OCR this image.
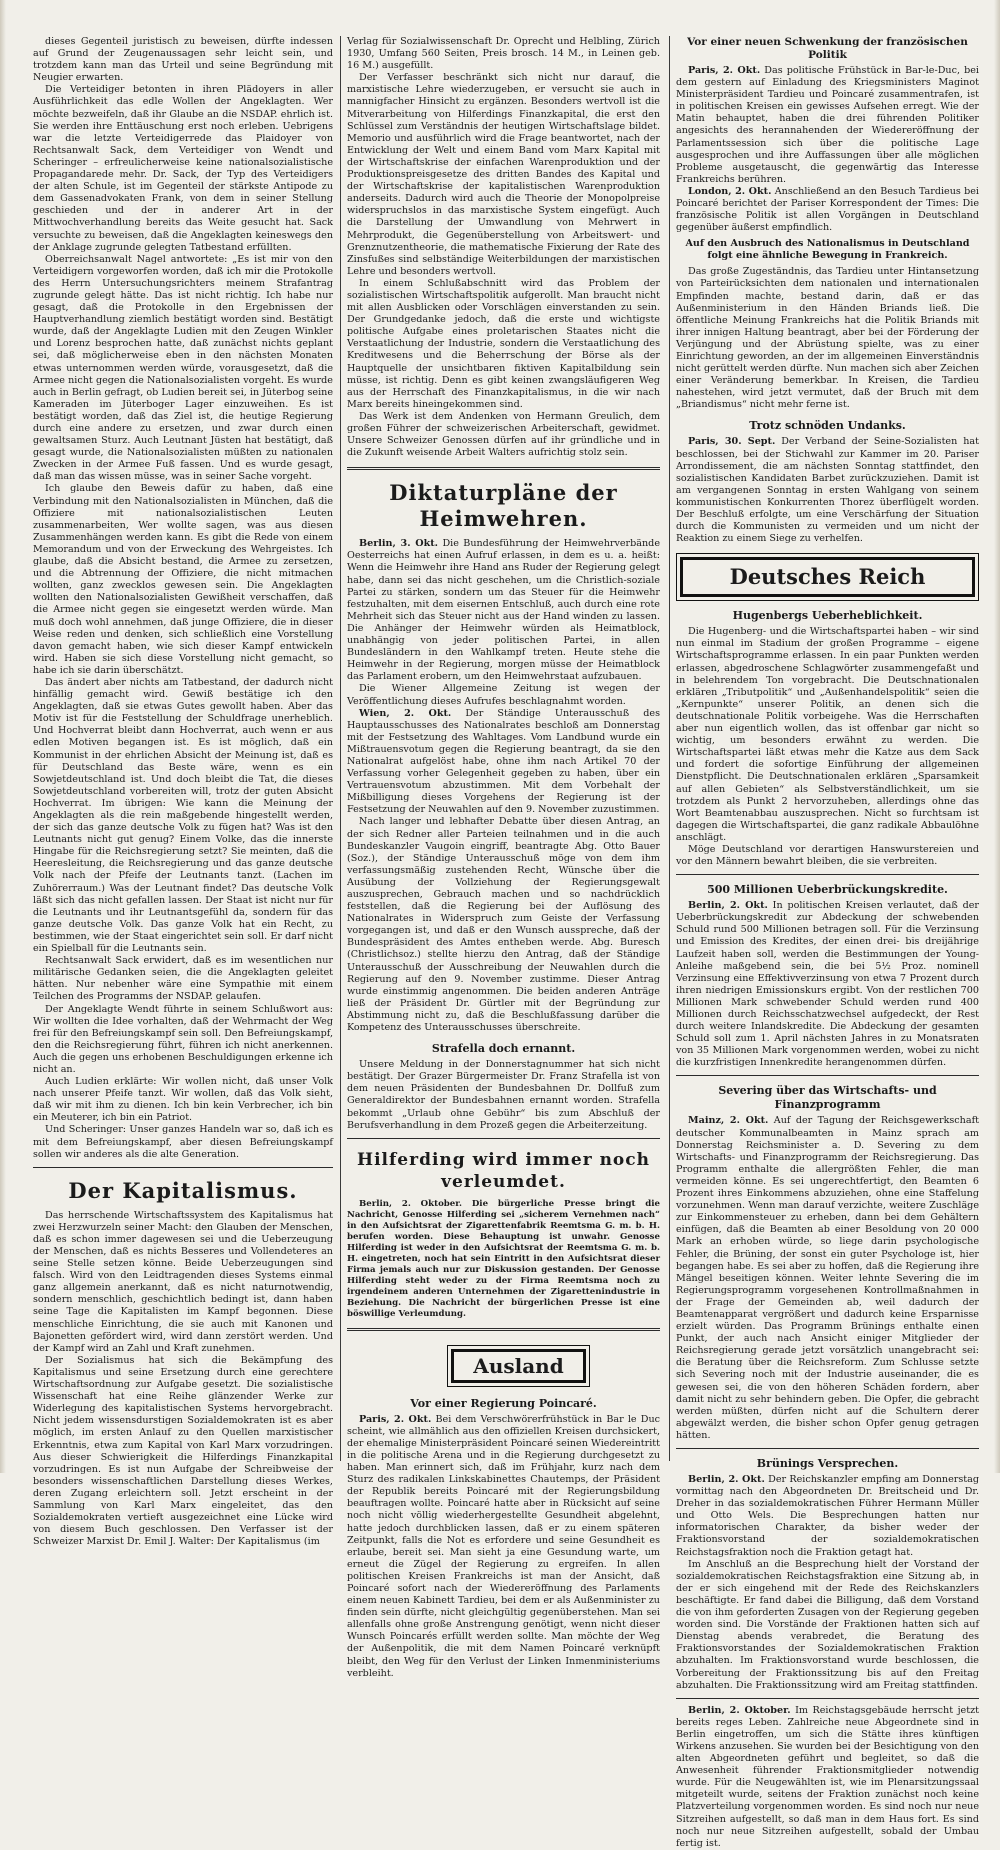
dieses Gegenteil juristisch zu beweisen, dürfte indessen auf Grund der Zeugenaussagen sehr leicht sein, und trotzdem kann man das Urteil und seine Begründung mit Neugier erwarten.

Die Verteidiger betonten in ihren Plädoyers in aller Ausführlichkeit das edle Wollen der Angeklagten. Wer möchte bezweifeln, daß ihr Glaube an die NSDAP. ehrlich ist. Sie werden ihre Enttäuschung erst noch erleben. Uebrigens war die letzte Verteidigerrede das Plaidoyer von Rechtsanwalt Sack, dem Verteidiger von Wendt und Scheringer – erfreulicherweise keine nationalsozialistische Propagandarede mehr. Dr. Sack, der Typ des Verteidigers der alten Schule, ist im Gegenteil der stärkste Antipode zu dem Gassenadvokaten Frank, von dem in seiner Stellung geschieden und der in anderer Art in der Mittwochverhandlung bereits das Weite gesucht hat. Sack versuchte zu beweisen, daß die Angeklagten keineswegs den der Anklage zugrunde gelegten Tatbestand erfüllten.

Oberreichsanwalt Nagel antwortete: „Es ist mir von den Verteidigern vorgeworfen worden, daß ich mir die Protokolle des Herrn Untersuchungsrichters meinem Strafantrag zugrunde gelegt hätte. Das ist nicht richtig. Ich habe nur gesagt, daß die Protokolle in den Ergebnissen der Hauptverhandlung ziemlich bestätigt worden sind. Bestätigt wurde, daß der Angeklagte Ludien mit den Zeugen Winkler und Lorenz besprochen hatte, daß zunächst nichts geplant sei, daß möglicherweise eben in den nächsten Monaten etwas unternommen werden würde, vorausgesetzt, daß die Armee nicht gegen die Nationalsozialisten vorgeht. Es wurde auch in Berlin gefragt, ob Ludien bereit sei, in Jüterbog seine Kameraden im Jüterboger Lager einzuweihen. Es ist bestätigt worden, daß das Ziel ist, die heutige Regierung durch eine andere zu ersetzen, und zwar durch einen gewaltsamen Sturz. Auch Leutnant Jüsten hat bestätigt, daß gesagt wurde, die Nationalsozialisten müßten zu nationalen Zwecken in der Armee Fuß fassen. Und es wurde gesagt, daß man das wissen müsse, was in seiner Sache vorgeht.

Ich glaube den Beweis dafür zu haben, daß eine Verbindung mit den Nationalsozialisten in München, daß die Offiziere mit nationalsozialistischen Leuten zusammenarbeiten, Wer wollte sagen, was aus diesen Zusammenhängen werden kann. Es gibt die Rede von einem Memorandum und von der Erweckung des Wehrgeistes. Ich glaube, daß die Absicht bestand, die Armee zu zersetzen, und die Abtrennung der Offiziere, die nicht mitmachen wollten, ganz zwecklos gewesen sein. Die Angeklagten wollten den Nationalsozialisten Gewißheit verschaffen, daß die Armee nicht gegen sie eingesetzt werden würde. Man muß doch wohl annehmen, daß junge Offiziere, die in dieser Weise reden und denken, sich schließlich eine Vorstellung davon gemacht haben, wie sich dieser Kampf entwickeln wird. Haben sie sich diese Vorstellung nicht gemacht, so habe ich sie darin überschätzt.

Das ändert aber nichts am Tatbestand, der dadurch nicht hinfällig gemacht wird. Gewiß bestätige ich den Angeklagten, daß sie etwas Gutes gewollt haben. Aber das Motiv ist für die Feststellung der Schuldfrage unerheblich. Und Hochverrat bleibt dann Hochverrat, auch wenn er aus edlen Motiven begangen ist. Es ist möglich, daß ein Kommunist in der ehrlichen Absicht der Meinung ist, daß es für Deutschland das Beste wäre, wenn es ein Sowjetdeutschland ist. Und doch bleibt die Tat, die dieses Sowjetdeutschland vorbereiten will, trotz der guten Absicht Hochverrat. Im übrigen: Wie kann die Meinung der Angeklagten als die rein maßgebende hingestellt werden, der sich das ganze deutsche Volk zu fügen hat? Was ist den Leutnants nicht gut genug? Einem Volke, das die innerste Hingabe für die Reichsregierung setzt? Sie meinten, daß die Heeresleitung, die Reichsregierung und das ganze deutsche Volk nach der Pfeife der Leutnants tanzt. (Lachen im Zuhörerraum.) Was der Leutnant findet? Das deutsche Volk läßt sich das nicht gefallen lassen. Der Staat ist nicht nur für die Leutnants und ihr Leutnantsgefühl da, sondern für das ganze deutsche Volk. Das ganze Volk hat ein Recht, zu bestimmen, wie der Staat eingerichtet sein soll. Er darf nicht ein Spielball für die Leutnants sein.

Rechtsanwalt Sack erwidert, daß es im wesentlichen nur militärische Gedanken seien, die die Angeklagten geleitet hätten. Nur nebenher wäre eine Sympathie mit einem Teilchen des Programms der NSDAP. gelaufen.

Der Angeklagte Wendt führte in seinem Schlußwort aus: Wir wollten die Idee vorhalten, daß der Wehrmacht der Weg frei für den Befreiungskampf sein soll. Den Befreiungskampf, den die Reichsregierung führt, führen ich nicht anerkennen. Auch die gegen uns erhobenen Beschuldigungen erkenne ich nicht an.

Auch Ludien erklärte: Wir wollen nicht, daß unser Volk nach unserer Pfeife tanzt. Wir wollen, daß das Volk sieht, daß wir mit ihm zu dienen. Ich bin kein Verbrecher, ich bin ein Meuterer, ich bin ein Patriot.

Und Scheringer: Unser ganzes Handeln war so, daß ich es mit dem Befreiungskampf, aber diesen Befreiungskampf sollen wir anderes als die alte Generation.

Der Kapitalismus.

Das herrschende Wirtschaftssystem des Kapitalismus hat zwei Herzwurzeln seiner Macht: den Glauben der Menschen, daß es schon immer dagewesen sei und die Ueberzeugung der Menschen, daß es nichts Besseres und Vollendeteres an seine Stelle setzen könne. Beide Ueberzeugungen sind falsch. Wird von den Leidtragenden dieses Systems einmal ganz allgemein anerkannt, daß es nicht naturnotwendig, sondern menschlich, geschichtlich bedingt ist, dann haben seine Tage die Kapitalisten im Kampf begonnen. Diese menschliche Einrichtung, die sie auch mit Kanonen und Bajonetten gefördert wird, wird dann zerstört werden. Und der Kampf wird an Zahl und Kraft zunehmen.

Der Sozialismus hat sich die Bekämpfung des Kapitalismus und seine Ersetzung durch eine gerechtere Wirtschaftsordnung zur Aufgabe gesetzt. Die sozialistische Wissenschaft hat eine Reihe glänzender Werke zur Widerlegung des kapitalistischen Systems hervorgebracht. Nicht jedem wissensdurstigen Sozialdemokraten ist es aber möglich, im ersten Anlauf zu den Quellen marxistischer Erkenntnis, etwa zum Kapital von Karl Marx vorzudringen. Aus dieser Schwierigkeit die Hilferdings Finanzkapital vorzudringen. Es ist nun Aufgabe der Schreibweise der besonders wissenschaftlichen Darstellung dieses Werkes, deren Zugang erleichtern soll. Jetzt erscheint in der Sammlung von Karl Marx eingeleitet, das den Sozialdemokraten vertieft ausgezeichnet eine Lücke wird von diesem Buch geschlossen. Den Verfasser ist der Schweizer Marxist Dr. Emil J. Walter: Der Kapitalismus (im

Verlag für Sozialwissenschaft Dr. Oprecht und Helbling, Zürich 1930, Umfang 560 Seiten, Preis brosch. 14 M., in Leinen geb. 16 M.) ausgefüllt.

Der Verfasser beschränkt sich nicht nur darauf, die marxistische Lehre wiederzugeben, er versucht sie auch in mannigfacher Hinsicht zu ergänzen. Besonders wertvoll ist die Mitverarbeitung von Hilferdings Finanzkapital, die erst den Schlüssel zum Verständnis der heutigen Wirtschaftslage bildet. Memorio und ausführlich wird die Frage beantwortet, nach der Entwicklung der Welt und einem Band vom Marx Kapital mit der Wirtschaftskrise der einfachen Warenproduktion und der Produktionspreisgesetze des dritten Bandes des Kapital und der Wirtschaftskrise der kapitalistischen Warenproduktion anderseits. Dadurch wird auch die Theorie der Monopolpreise widerspruchslos in das marxistische System eingefügt. Auch die Darstellung der Umwandlung von Mehrwert in Mehrprodukt, die Gegenüberstellung von Arbeitswert- und Grenznutzentheorie, die mathematische Fixierung der Rate des Zinsfußes sind selbständige Weiterbildungen der marxistischen Lehre und besonders wertvoll.

In einem Schlußabschnitt wird das Problem der sozialistischen Wirtschaftspolitik aufgerollt. Man braucht nicht mit allen Ausblicken oder Vorschlägen einverstanden zu sein. Der Grundgedanke jedoch, daß die erste und wichtigste politische Aufgabe eines proletarischen Staates nicht die Verstaatlichung der Industrie, sondern die Verstaatlichung des Kreditwesens und die Beherrschung der Börse als der Hauptquelle der unsichtbaren fiktiven Kapitalbildung sein müsse, ist richtig. Denn es gibt keinen zwangsläufigeren Weg aus der Herrschaft des Finanzkapitalismus, in die wir nach Marx bereits hineingekommen sind.

Das Werk ist dem Andenken von Hermann Greulich, dem großen Führer der schweizerischen Arbeiterschaft, gewidmet. Unsere Schweizer Genossen dürfen auf ihr gründliche und in die Zukunft weisende Arbeit Walters aufrichtig stolz sein.

Diktaturpläne der Heimwehren.

Berlin, 3. Okt. Die Bundesführung der Heimwehrverbände Oesterreichs hat einen Aufruf erlassen, in dem es u. a. heißt: Wenn die Heimwehr ihre Hand ans Ruder der Regierung gelegt habe, dann sei das nicht geschehen, um die Christlich-soziale Partei zu stärken, sondern um das Steuer für die Heimwehr festzuhalten, mit dem eisernen Entschluß, auch durch eine rote Mehrheit sich das Steuer nicht aus der Hand winden zu lassen. Die Anhänger der Heimwehr würden als Heimatblock, unabhängig von jeder politischen Partei, in allen Bundesländern in den Wahlkampf treten. Heute stehe die Heimwehr in der Regierung, morgen müsse der Heimatblock das Parlament erobern, um den Heimwehrstaat aufzubauen.

Die Wiener Allgemeine Zeitung ist wegen der Veröffentlichung dieses Aufrufes beschlagnahmt worden.

Wien, 2. Okt. Der Ständige Unterausschuß des Hauptausschusses des Nationalrates beschloß am Donnerstag mit der Festsetzung des Wahltages. Vom Landbund wurde ein Mißtrauensvotum gegen die Regierung beantragt, da sie den Nationalrat aufgelöst habe, ohne ihm nach Artikel 70 der Verfassung vorher Gelegenheit gegeben zu haben, über ein Vertrauensvotum abzustimmen. Mit dem Vorbehalt der Mißbilligung dieses Vorgehens der Regierung ist der Festsetzung der Neuwahlen auf den 9. November zuzustimmen.

Nach langer und lebhafter Debatte über diesen Antrag, an der sich Redner aller Parteien teilnahmen und in die auch Bundeskanzler Vaugoin eingriff, beantragte Abg. Otto Bauer (Soz.), der Ständige Unterausschuß möge von dem ihm verfassungsmäßig zustehenden Recht, Wünsche über die Ausübung der Vollziehung der Regierungsgewalt auszusprechen, Gebrauch machen und so nachdrücklich feststellen, daß die Regierung bei der Auflösung des Nationalrates in Widerspruch zum Geiste der Verfassung vorgegangen ist, und daß er den Wunsch ausspreche, daß der Bundespräsident des Amtes entheben werde. Abg. Buresch (Christlichsoz.) stellte hierzu den Antrag, daß der Ständige Unterausschuß der Ausschreibung der Neuwahlen durch die Regierung auf den 9. November zustimme. Dieser Antrag wurde einstimmig angenommen. Die beiden anderen Anträge ließ der Präsident Dr. Gürtler mit der Begründung zur Abstimmung nicht zu, daß die Beschlußfassung darüber die Kompetenz des Unterausschusses überschreite.

Strafella doch ernannt.

Unsere Meldung in der Donnerstagnummer hat sich nicht bestätigt. Der Grazer Bürgermeister Dr. Franz Strafella ist von dem neuen Präsidenten der Bundesbahnen Dr. Dollfuß zum Generaldirektor der Bundesbahnen ernannt worden. Strafella bekommt „Urlaub ohne Gebühr“ bis zum Abschluß der Berufsverhandlung in dem Prozeß gegen die Arbeiterzeitung.

Hilferding wird immer noch verleumdet.

Berlin, 2. Oktober. Die bürgerliche Presse bringt die Nachricht, Genosse Hilferding sei „sicherem Vernehmen nach“ in den Aufsichtsrat der Zigarettenfabrik Reemtsma G. m. b. H. berufen worden. Diese Behauptung ist unwahr. Genosse Hilferding ist weder in den Aufsichtsrat der Reemtsma G. m. b. H. eingetreten, noch hat sein Eintritt in den Aufsichtsrat dieser Firma jemals auch nur zur Diskussion gestanden. Der Genosse Hilferding steht weder zu der Firma Reemtsma noch zu irgendeinem anderen Unternehmen der Zigarettenindustrie in Beziehung. Die Nachricht der bürgerlichen Presse ist eine böswillige Verleumdung.

Ausland
Vor einer Regierung Poincaré.

Paris, 2. Okt. Bei dem Verschwörerfrühstück in Bar le Duc scheint, wie allmählich aus den offiziellen Kreisen durchsickert, der ehemalige Ministerpräsident Poincaré seinen Wiedereintritt in die politische Arena und in die Regierung durchgesetzt zu haben. Man erinnert sich, daß im Frühjahr, kurz nach dem Sturz des radikalen Linkskabinettes Chautemps, der Präsident der Republik bereits Poincaré mit der Regierungsbildung beauftragen wollte. Poincaré hatte aber in Rücksicht auf seine noch nicht völlig wiederhergestellte Gesundheit abgelehnt, hatte jedoch durchblicken lassen, daß er zu einem späteren Zeitpunkt, falls die Not es erfordere und seine Gesundheit es erlaube, bereit sei. Man sieht ja eine Gesundung warte, um erneut die Zügel der Regierung zu ergreifen. In allen politischen Kreisen Frankreichs ist man der Ansicht, daß Poincaré sofort nach der Wiedereröffnung des Parlaments einem neuen Kabinett Tardieu, bei dem er als Außenminister zu finden sein dürfte, nicht gleichgültig gegenüberstehen. Man sei allenfalls ohne große Anstrengung genötigt, wenn nicht dieser Wunsch Poincarés erfüllt werden sollte. Man möchte der Weg der Außenpolitik, die mit dem Namen Poincaré verknüpft bleibt, den Weg für den Verlust der Linken Inmenministeriums verbleiht.

Vor einer neuen Schwenkung der französischen Politik

Paris, 2. Okt. Das politische Frühstück in Bar-le-Duc, bei dem gestern auf Einladung des Kriegsministers Maginot Ministerpräsident Tardieu und Poincaré zusammentrafen, ist in politischen Kreisen ein gewisses Aufsehen erregt. Wie der Matin behauptet, haben die drei führenden Politiker angesichts des herannahenden der Wiedereröffnung der Parlamentssession sich über die politische Lage ausgesprochen und ihre Auffassungen über alle möglichen Probleme ausgetauscht, die gegenwärtig das Interesse Frankreichs berühren.

London, 2. Okt. Anschließend an den Besuch Tardieus bei Poincaré berichtet der Pariser Korrespondent der Times: Die französische Politik ist allen Vorgängen in Deutschland gegenüber äußerst empfindlich.

Auf den Ausbruch des Nationalismus in Deutschland folgt eine ähnliche Bewegung in Frankreich.

Das große Zugeständnis, das Tardieu unter Hintansetzung von Parteirücksichten dem nationalen und internationalen Empfinden machte, bestand darin, daß er das Außenministerium in den Händen Briands ließ. Die öffentliche Meinung Frankreichs hat die Politik Briands mit ihrer innigen Haltung beantragt, aber bei der Förderung der Verjüngung und der Abrüstung spielte, was zu einer Einrichtung geworden, an der im allgemeinen Einverständnis nicht gerüttelt werden dürfte. Nun machen sich aber Zeichen einer Veränderung bemerkbar. In Kreisen, die Tardieu nahestehen, wird jetzt vermutet, daß der Bruch mit dem „Briandismus“ nicht mehr ferne ist.

Trotz schnöden Undanks.

Paris, 30. Sept. Der Verband der Seine-Sozialisten hat beschlossen, bei der Stichwahl zur Kammer im 20. Pariser Arrondissement, die am nächsten Sonntag stattfindet, den sozialistischen Kandidaten Barbet zurückzuziehen. Damit ist am vergangenen Sonntag in ersten Wahlgang von seinem kommunistischen Konkurrenten Thorez überflügelt worden. Der Beschluß erfolgte, um eine Verschärfung der Situation durch die Kommunisten zu vermeiden und um nicht der Reaktion zu einem Siege zu verhelfen.

Deutsches Reich
Hugenbergs Ueberheblichkeit.

Die Hugenberg- und die Wirtschaftspartei haben – wir sind nun einmal im Stadium der großen Programme – eigene Wirtschaftsprogramme erlassen. In ein paar Punkten werden erlassen, abgedroschene Schlagwörter zusammengefaßt und in belehrendem Ton vorgebracht. Die Deutschnationalen erklären „Tributpolitik“ und „Außenhandelspolitik“ seien die „Kernpunkte“ unserer Politik, an denen sich die deutschnationale Politik vorbeigehe. Was die Herrschaften aber nun eigentlich wollen, das ist offenbar gar nicht so wichtig, um besonders erwähnt zu werden. Die Wirtschaftspartei läßt etwas mehr die Katze aus dem Sack und fordert die sofortige Einführung der allgemeinen Dienstpflicht. Die Deutschnationalen erklären „Sparsamkeit auf allen Gebieten“ als Selbstverständlichkeit, um sie trotzdem als Punkt 2 hervorzuheben, allerdings ohne das Wort Beamtenabbau auszusprechen. Nicht so furchtsam ist dagegen die Wirtschaftspartei, die ganz radikale Abbaulöhne anschlägt.

Möge Deutschland vor derartigen Hanswurstereien und vor den Männern bewahrt bleiben, die sie verbreiten.

500 Millionen Ueberbrückungskredite.

Berlin, 2. Okt. In politischen Kreisen verlautet, daß der Ueberbrückungskredit zur Abdeckung der schwebenden Schuld rund 500 Millionen betragen soll. Für die Verzinsung und Emission des Kredites, der einen drei- bis dreijährige Laufzeit haben soll, werden die Bestimmungen der Young-Anleihe maßgebend sein, die bei 5½ Proz. nominell Verzinsung eine Effektivverzinsung von etwa 7 Prozent durch ihren niedrigen Emissionskurs ergibt. Von der restlichen 700 Millionen Mark schwebender Schuld werden rund 400 Millionen durch Reichsschatzwechsel aufgedeckt, der Rest durch weitere Inlandskredite. Die Abdeckung der gesamten Schuld soll zum 1. April nächsten Jahres in zu Monatsraten von 35 Millionen Mark vorgenommen werden, wobei zu nicht die kurzfristigen Innenkredite herangenommen dürfen.

Severing über das Wirtschafts- und Finanzprogramm

Mainz, 2. Okt. Auf der Tagung der Reichsgewerkschaft deutscher Kommunalbeamten in Mainz sprach am Donnerstag Reichsminister a. D. Severing zu dem Wirtschafts- und Finanzprogramm der Reichsregierung. Das Programm enthalte die allergrößten Fehler, die man vermeiden könne. Es sei ungerechtfertigt, den Beamten 6 Prozent ihres Einkommens abzuziehen, ohne eine Staffelung vorzunehmen. Wenn man darauf verzichte, weitere Zuschläge zur Einkommensteuer zu erheben, dann bei dem Gehältern einfügen, daß die Beamten ab einer Besoldung von 20 000 Mark an erhoben würde, so liege darin psychologische Fehler, die Brüning, der sonst ein guter Psychologe ist, hier begangen habe. Es sei aber zu hoffen, daß die Regierung ihre Mängel beseitigen können. Weiter lehnte Severing die im Regierungsprogramm vorgesehenen Kontrollmaßnahmen in der Frage der Gemeinden ab, weil dadurch der Beamtenapparat vergrößert und dadurch keine Ersparnisse erzielt würden. Das Programm Brünings enthalte einen Punkt, der auch nach Ansicht einiger Mitglieder der Reichsregierung gerade jetzt vorsätzlich unangebracht sei: die Beratung über die Reichsreform. Zum Schlusse setzte sich Severing noch mit der Industrie auseinander, die es gewesen sei, die von den höheren Schäden fordern, aber damit nicht zu sehr behindern geben. Die Opfer, die gebracht werden müßten, dürfen nicht auf die Schultern derer abgewälzt werden, die bisher schon Opfer genug getragen hätten.

Brünings Versprechen.

Berlin, 2. Okt. Der Reichskanzler empfing am Donnerstag vormittag nach den Abgeordneten Dr. Breitscheid und Dr. Dreher in das sozialdemokratischen Führer Hermann Müller und Otto Wels. Die Besprechungen hatten nur informatorischen Charakter, da bisher weder der Fraktionsvorstand der sozialdemokratischen Reichstagsfraktion noch die Fraktion getagt hat.

Im Anschluß an die Besprechung hielt der Vorstand der sozialdemokratischen Reichstagsfraktion eine Sitzung ab, in der er sich eingehend mit der Rede des Reichskanzlers beschäftigte. Er fand dabei die Billigung, daß dem Vorstand die von ihm geforderten Zusagen von der Regierung gegeben worden sind. Die Vorstände der Fraktionen hatten sich auf Dienstag abends verabredet, die Beratung des Fraktionsvorstandes der Sozialdemokratischen Fraktion abzuhalten. Im Fraktionsvorstand wurde beschlossen, die Vorbereitung der Fraktionssitzung bis auf den Freitag abzuhalten. Die Fraktionssitzung wird am Freitag stattfinden.

Berlin, 2. Oktober. Im Reichstagsgebäude herrscht jetzt bereits reges Leben. Zahlreiche neue Abgeordnete sind in Berlin eingetroffen, um sich die Stätte ihres künftigen Wirkens anzusehen. Sie wurden bei der Besichtigung von den alten Abgeordneten geführt und begleitet, so daß die Anwesenheit führender Fraktionsmitglieder notwendig wurde. Für die Neugewählten ist, wie im Plenarsitzungssaal mitgeteilt wurde, seitens der Fraktion zunächst noch keine Platzverteilung vorgenommen worden. Es sind noch nur neue Sitzreihen aufgestellt, so daß man in dem Haus fort. Es sind noch nur neue Sitzreihen aufgestellt, sobald der Umbau fertig ist.
